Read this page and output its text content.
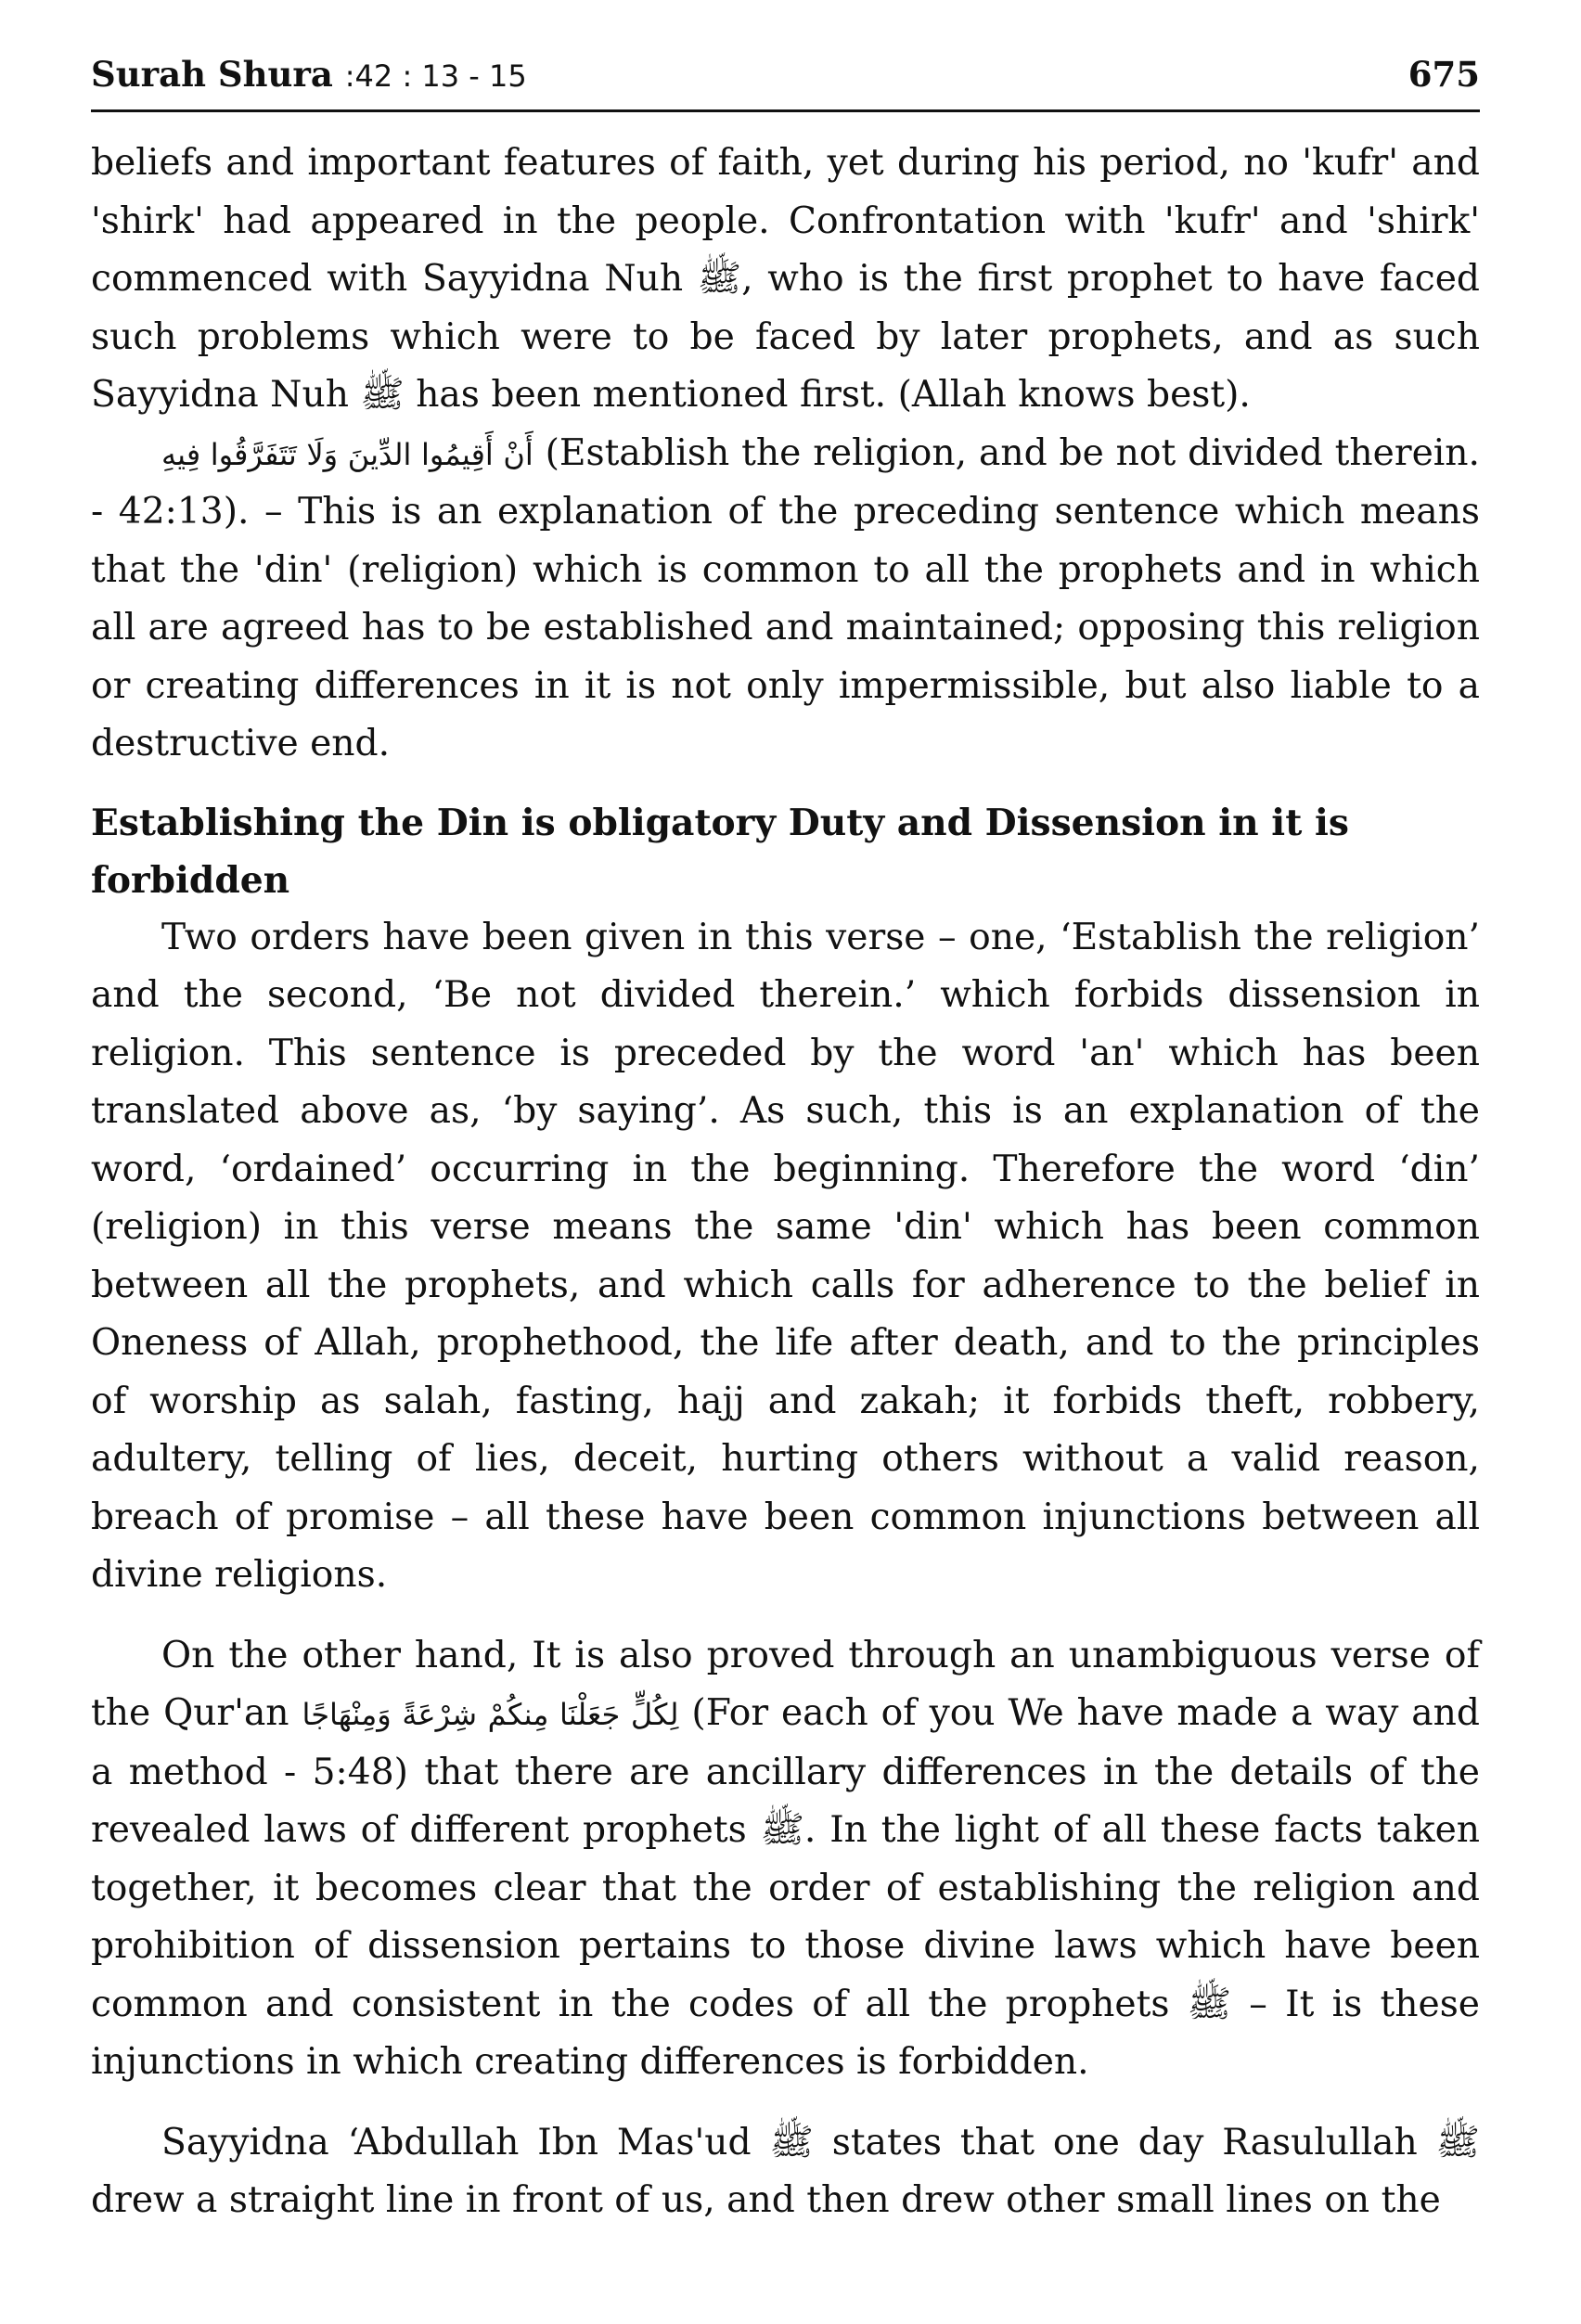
Surah Shura :42 : 13 - 15	675

beliefs and important features of faith, yet during his period, no 'kufr' and 'shirk' had appeared in the people. Confrontation with 'kufr' and 'shirk' commenced with Sayyidna Nuh ﷺ, who is the first prophet to have faced such problems which were to be faced by later prophets, and as such Sayyidna Nuh ﷺ has been mentioned first. (Allah knows best).

أَنْ أَقِيمُوا الدِّينَ وَلَا تَتَفَرَّقُوا فِيهِ (Establish the religion, and be not divided therein. - 42:13). – This is an explanation of the preceding sentence which means that the 'din' (religion) which is common to all the prophets and in which all are agreed has to be established and maintained; opposing this religion or creating differences in it is not only impermissible, but also liable to a destructive end.

Establishing the Din is obligatory Duty and Dissension in it is forbidden

Two orders have been given in this verse – one, ‘Establish the religion’ and the second, ‘Be not divided therein.’ which forbids dissension in religion. This sentence is preceded by the word 'an' which has been translated above as, ‘by saying’. As such, this is an explanation of the word, ‘ordained’ occurring in the beginning. Therefore the word ‘din’ (religion) in this verse means the same 'din' which has been common between all the prophets, and which calls for adherence to the belief in Oneness of Allah, prophethood, the life after death, and to the principles of worship as salah, fasting, hajj and zakah; it forbids theft, robbery, adultery, telling of lies, deceit, hurting others without a valid reason, breach of promise – all these have been common injunctions between all divine religions.

On the other hand, It is also proved through an unambiguous verse of the Qur'an لِكُلٍّ جَعَلْنَا مِنكُمْ شِرْعَةً وَمِنْهَاجًا (For each of you We have made a way and a method - 5:48) that there are ancillary differences in the details of the revealed laws of different prophets ﷺ. In the light of all these facts taken together, it becomes clear that the order of establishing the religion and prohibition of dissension pertains to those divine laws which have been common and consistent in the codes of all the prophets ﷺ – It is these injunctions in which creating differences is forbidden.

Sayyidna ‘Abdullah Ibn Mas'ud ﷺ states that one day Rasulullah ﷺ drew a straight line in front of us, and then drew other small lines on the
